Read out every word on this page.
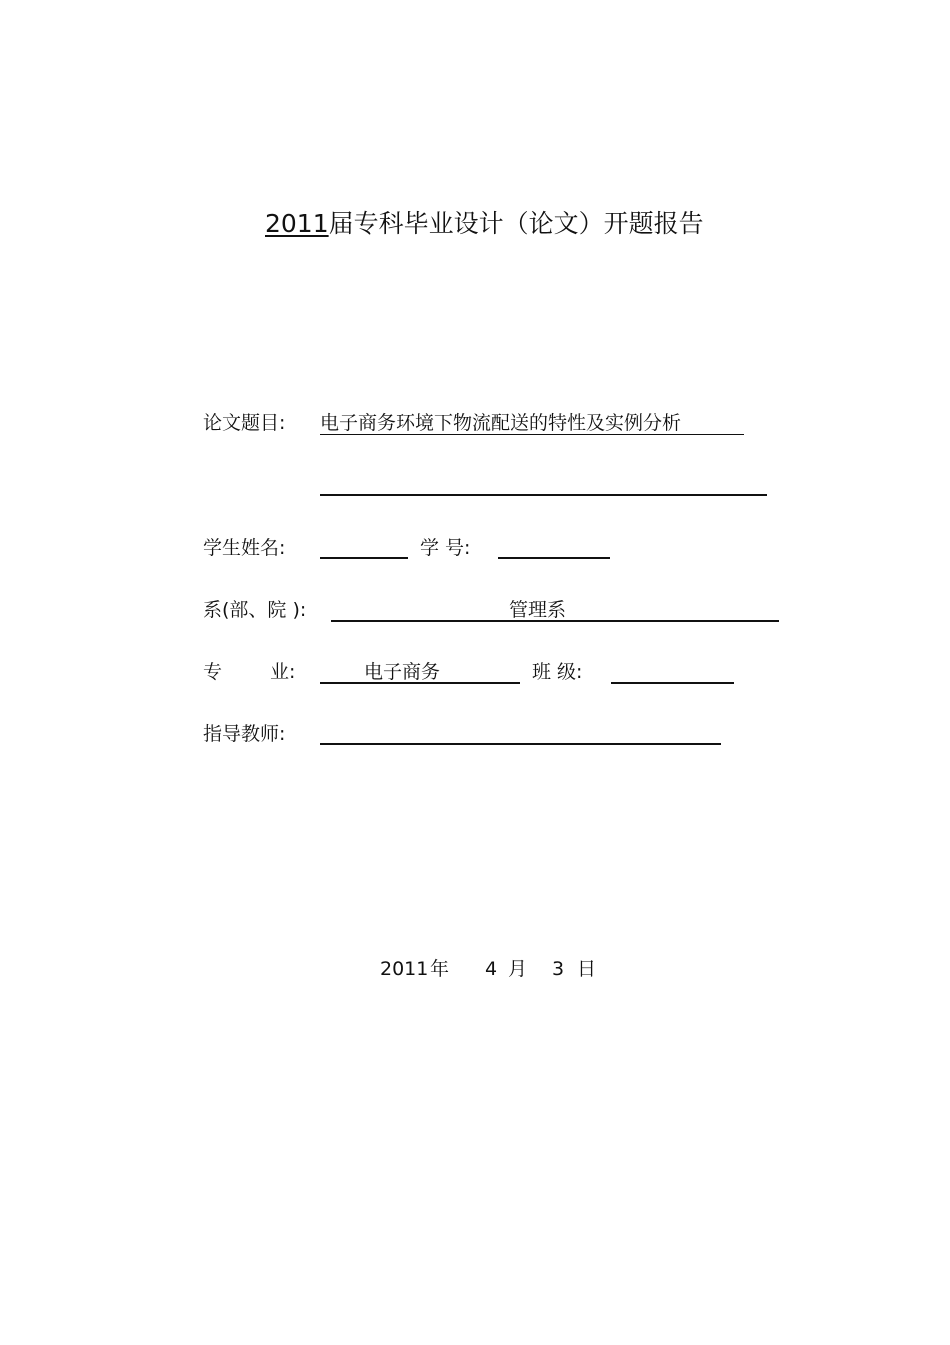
2011届专科毕业设计（论文）开题报告
论文题目: 电子商务环境下物流配送的特性及实例分析
学生姓名:	学 号:
系(部、院 ):	管理系
专	业:	电子商务	班 级:
指导教师:
2011 年 4 月 3 日
